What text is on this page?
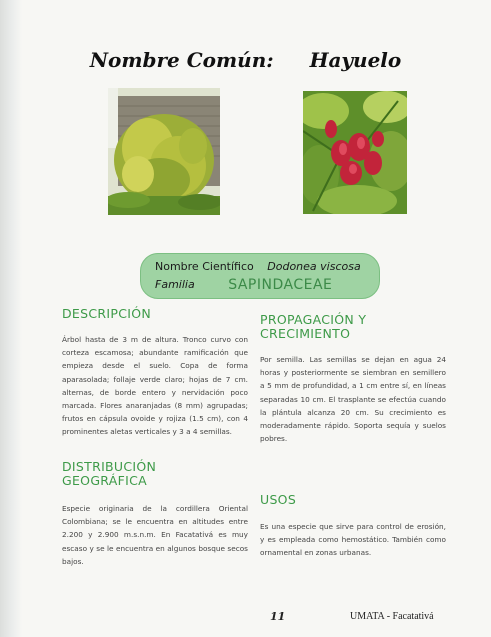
Nombre Común: Hayuelo
Nombre Científico Dodonea viscosa
Familia SAPINDACEAE
DESCRIPCIÓN
Árbol hasta de 3 m de altura. Tronco curvo con corteza escamosa; abundante ramificación que empieza desde el suelo. Copa de forma aparasolada; follaje verde claro; hojas de 7 cm. alternas, de borde entero y nervidación poco marcada. Flores anaranjadas (8 mm) agrupadas; frutos en cápsula ovoide y rojiza (1.5 cm), con 4 prominentes aletas verticales y 3 a 4 semillas.
PROPAGACIÓN Y CRECIMIENTO
Por semilla. Las semillas se dejan en agua 24 horas y posteriormente se siembran en semillero a 5 mm de profundidad, a 1 cm entre sí, en líneas separadas 10 cm. El trasplante se efectúa cuando la plántula alcanza 20 cm. Su crecimiento es moderadamente rápido. Soporta sequía y suelos pobres.
DISTRIBUCIÓN GEOGRÁFICA
Especie originaria de la cordillera Oriental Colombiana; se le encuentra en altitudes entre 2.200 y 2.900 m.s.n.m. En Facatativá es muy escaso y se le encuentra en algunos bosque secos bajos.
USOS
Es una especie que sirve para control de erosión, y es empleada como hemostático. También como ornamental en zonas urbanas.
11	UMATA - Facatativá
